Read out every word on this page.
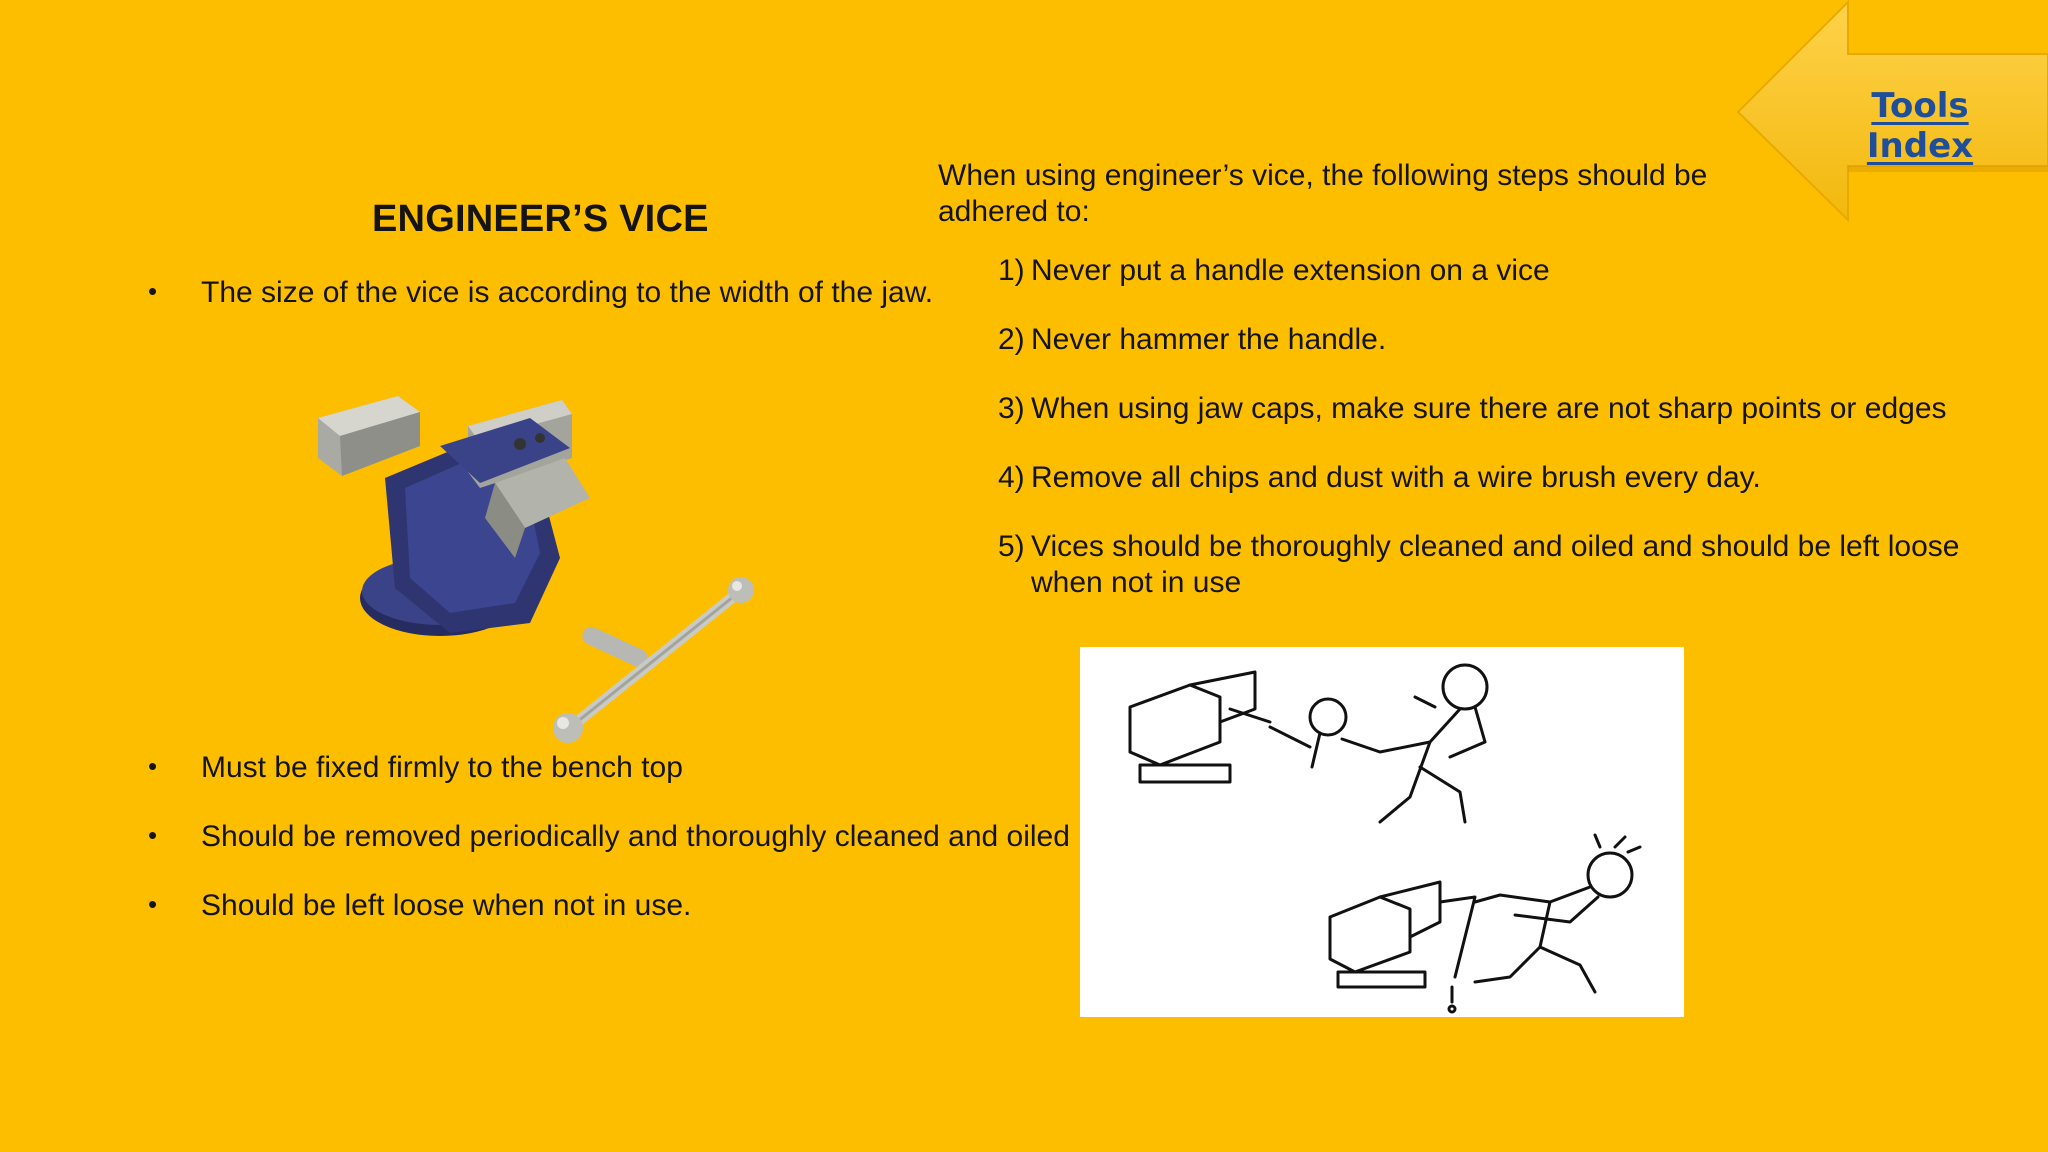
Tools Index
ENGINEER’S VICE
• The size of the vice is according to the width of the jaw.
• Must be fixed firmly to the bench top
• Should be removed periodically and thoroughly cleaned and oiled
• Should be left loose when not in use.

When using engineer’s vice, the following steps should be adhered to:

1) Never put a handle extension on a vice
2) Never hammer the handle.
3) When using jaw caps, make sure there are not sharp points or edges
4) Remove all chips and dust with a wire brush every day.
5) Vices should be thoroughly cleaned and oiled and should be left loose when not in use
